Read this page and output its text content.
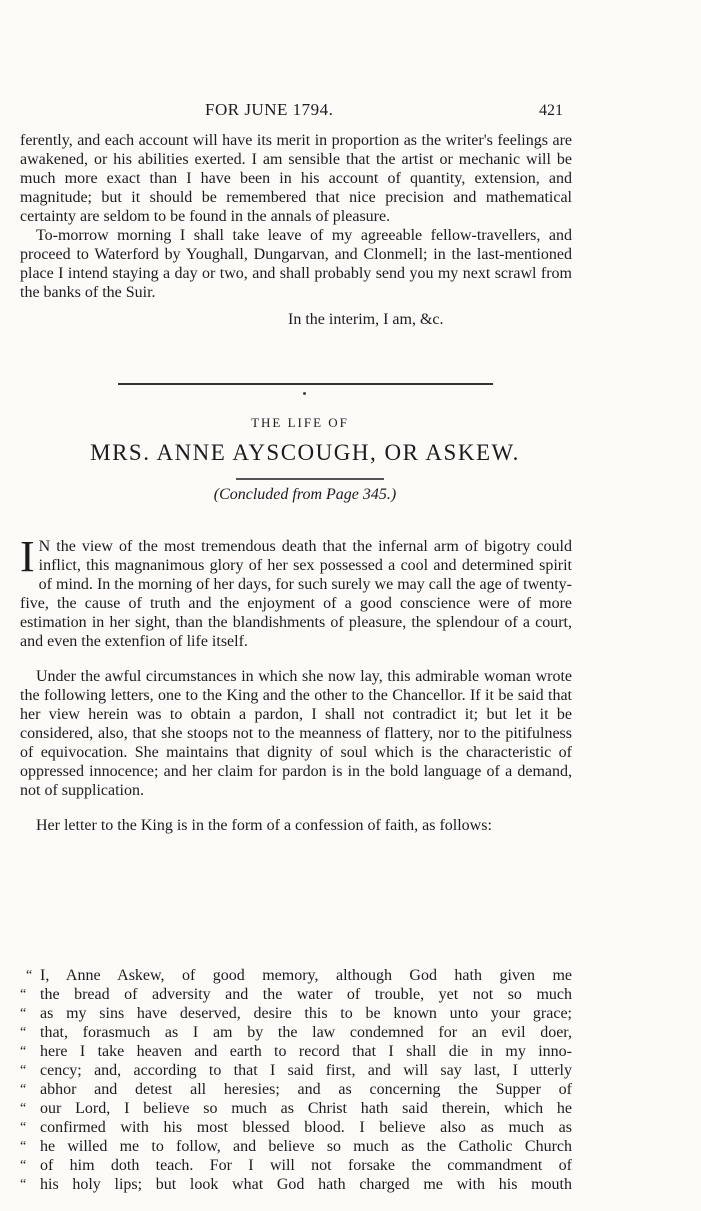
FOR JUNE 1794.	421

ferently, and each account will have its merit in proportion as the writer's feelings are awakened, or his abilities exerted. I am sensible that the artist or mechanic will be much more exact than I have been in his account of quantity, extension, and magnitude; but it should be remembered that nice precision and mathematical certainty are seldom to be found in the annals of pleasure.

To-morrow morning I shall take leave of my agreeable fellow-travellers, and proceed to Waterford by Youghall, Dungarvan, and Clonmell; in the last-mentioned place I intend staying a day or two, and shall probably send you my next scrawl from the banks of the Suir.

In the interim, I am, &c.
THE LIFE OF
MRS. ANNE AYSCOUGH, OR ASKEW.
(Concluded from Page 345.)

I N the view of the most tremendous death that the infernal arm of bigotry could inflict, this magnanimous glory of her sex possessed a cool and determined spirit of mind. In the morning of her days, for such surely we may call the age of twenty-five, the cause of truth and the enjoyment of a good conscience were of more estimation in her sight, than the blandishments of pleasure, the splendour of a court, and even the extenfion of life itself.

Under the awful circumstances in which she now lay, this admirable woman wrote the following letters, one to the King and the other to the Chancellor. If it be said that her view herein was to obtain a pardon, I shall not contradict it; but let it be considered, also, that she stoops not to the meanness of flattery, nor to the pitifulness of equivocation. She maintains that dignity of soul which is the characteristic of oppressed innocence; and her claim for pardon is in the bold language of a demand, not of supplication.

Her letter to the King is in the form of a confession of faith, as follows:

“ I, Anne Askew, of good memory, although God hath given me
“ the bread of adversity and the water of trouble, yet not so much
“ as my sins have deserved, desire this to be known unto your grace;
“ that, forasmuch as I am by the law condemned for an evil doer,
“ here I take heaven and earth to record that I shall die in my inno-
“ cency; and, according to that I said first, and will say last, I utterly
“ abhor and detest all heresies; and as concerning the Supper of
“ our Lord, I believe so much as Christ hath said therein, which he
“ confirmed with his most blessed blood. I believe also as much as
“ he willed me to follow, and believe so much as the Catholic Church
“ of him doth teach. For I will not forsake the commandment of
“ his holy lips; but look what God hath charged me with his mouth
